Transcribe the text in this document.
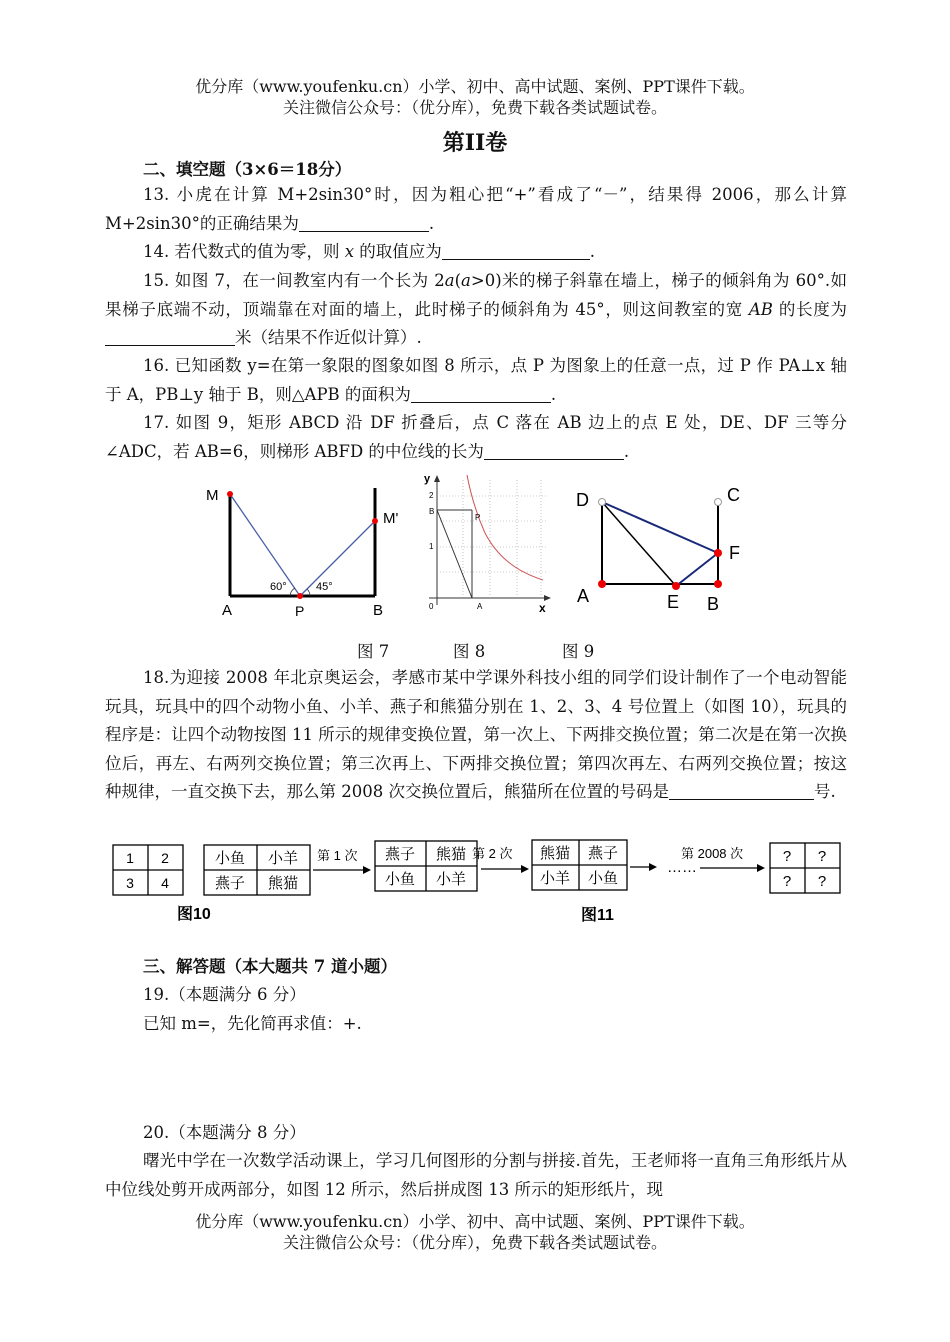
优分库（www.youfenku.cn）小学、初中、高中试题、案例、PPT课件下载。
关注微信公众号：（优分库），免费下载各类试题试卷。
第II卷
二、填空题（3×6＝18分）
13. 小虎在计算 M+2sin30°时，因为粗心把“+”看成了“－”，结果得 2006，那么计算 M+2sin30°的正确结果为	.
14. 若代数式的值为零，则 x 的取值应为	.
15. 如图 7，在一间教室内有一个长为 2a(a>0)米的梯子斜靠在墙上，梯子的倾斜角为 60°.如果梯子底端不动，顶端靠在对面的墙上，此时梯子的倾斜角为 45°，则这间教室的宽 AB 的长度为米（结果不作近似计算）.
16. 已知函数 y=在第一象限的图象如图 8 所示，点 P 为图象上的任意一点，过 P 作 PA⊥x 轴于 A，PB⊥y 轴于 B，则△APB 的面积为	.
17. 如图 9，矩形 ABCD 沿 DF 折叠后，点 C 落在 AB 边上的点 E 处，DE、DF 三等分∠ADC，若 AB=6，则梯形 ABFD 的中位线的长为	.
M
M'
A	P	B
60°	45°
y
x
2
B
1
0	A
P
D	C
F
A	E B
图 7	图 8	图 9
18.为迎接 2008 年北京奥运会，孝感市某中学课外科技小组的同学们设计制作了一个电动智能玩具，玩具中的四个动物小鱼、小羊、燕子和熊猫分别在 1、2、3、4 号位置上（如图 10），玩具的程序是：让四个动物按图 11 所示的规律变换位置，第一次上、下两排交换位置；第二次是在第一次换位后，再左、右两列交换位置；第三次再上、下两排交换位置；第四次再左、右两列交换位置；按这种规律，一直交换下去，那么第 2008 次交换位置后，熊猫所在位置的号码是	号.
1 2
3 4
小鱼 小羊
燕子 熊猫
燕子 熊猫
小鱼 小羊
熊猫 燕子
小羊 小鱼
? ?
? ?
第 1 次	第 2 次
……
第 2008 次
图10	图11
三、解答题（本大题共 7 道小题）
19.（本题满分 6 分）
已知 m=，先化简再求值：+.
20.（本题满分 8 分）
曙光中学在一次数学活动课上，学习几何图形的分割与拼接.首先，王老师将一直角三角形纸片从中位线处剪开成两部分，如图 12 所示，然后拼成图 13 所示的矩形纸片，现
优分库（www.youfenku.cn）小学、初中、高中试题、案例、PPT课件下载。
关注微信公众号：（优分库），免费下载各类试题试卷。
